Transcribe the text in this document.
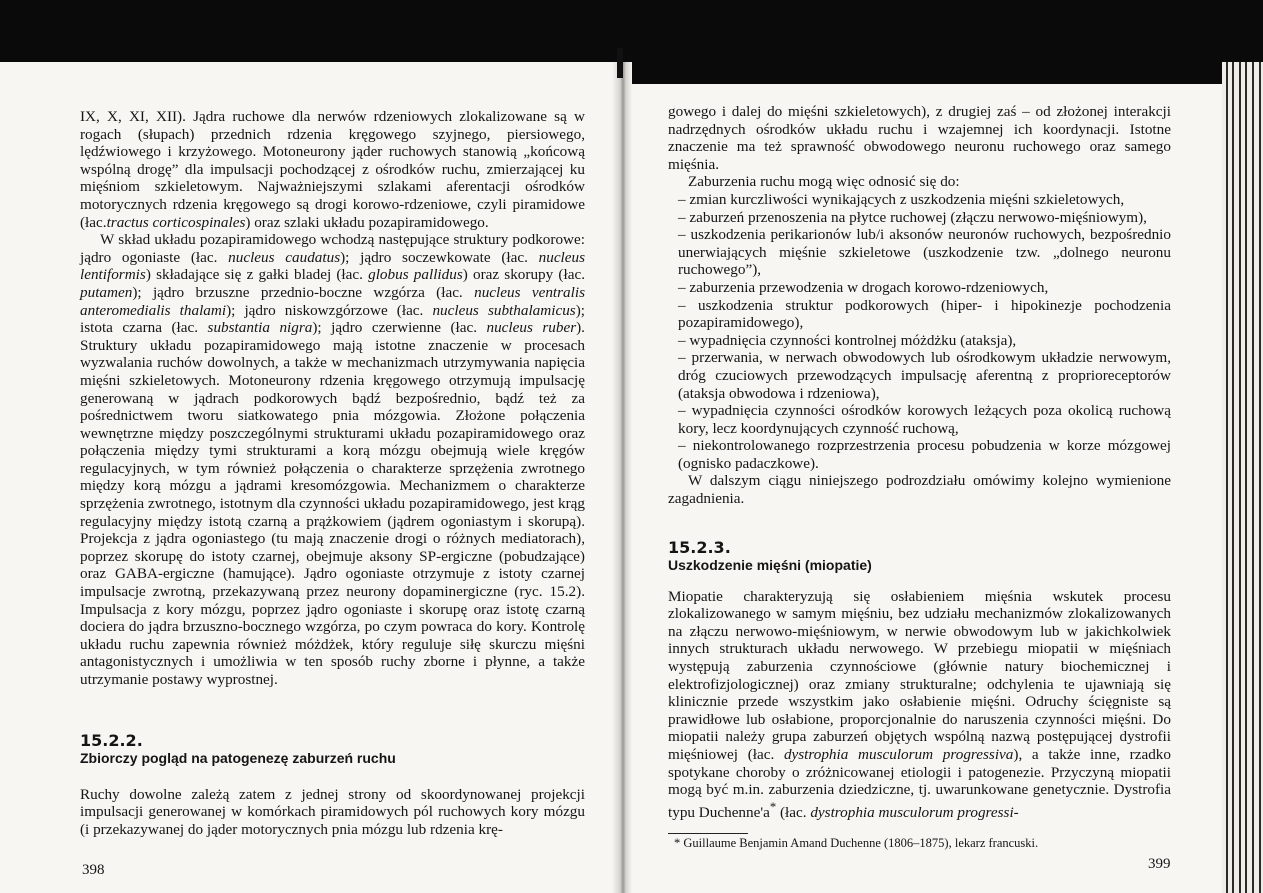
IX, X, XI, XII). Jądra ruchowe dla nerwów rdzeniowych zlokalizowane są w rogach (słupach) przednich rdzenia kręgowego szyjnego, piersiowego, lędźwiowego i krzyżowego. Motoneurony jąder ruchowych stanowią „końcową wspólną drogę” dla impulsacji pochodzącej z ośrodków ruchu, zmierzającej ku mięśniom szkieletowym. Najważniejszymi szlakami aferentacji ośrodków motorycznych rdzenia kręgowego są drogi korowo-rdzeniowe, czyli piramidowe (łac.tractus corticospinales) oraz szlaki układu pozapiramidowego.

W skład układu pozapiramidowego wchodzą następujące struktury podkorowe: jądro ogoniaste (łac. nucleus caudatus); jądro soczewkowate (łac. nucleus lentiformis) składające się z gałki bladej (łac. globus pallidus) oraz skorupy (łac. putamen); jądro brzuszne przednio-boczne wzgórza (łac. nucleus ventralis anteromedialis thalami); jądro niskowzgórzowe (łac. nucleus subthalamicus); istota czarna (łac. substantia nigra); jądro czerwienne (łac. nucleus ruber). Struktury układu pozapiramidowego mają istotne znaczenie w procesach wyzwalania ruchów dowolnych, a także w mechanizmach utrzymywania napięcia mięśni szkieletowych. Motoneurony rdzenia kręgowego otrzymują impulsację generowaną w jądrach podkorowych bądź bezpośrednio, bądź też za pośrednictwem tworu siatkowatego pnia mózgowia. Złożone połączenia wewnętrzne między poszczególnymi strukturami układu pozapiramidowego oraz połączenia między tymi strukturami a korą mózgu obejmują wiele kręgów regulacyjnych, w tym również połączenia o charakterze sprzężenia zwrotnego między korą mózgu a jądrami kresomózgowia. Mechanizmem o charakterze sprzężenia zwrotnego, istotnym dla czynności układu pozapiramidowego, jest krąg regulacyjny między istotą czarną a prążkowiem (jądrem ogoniastym i skorupą). Projekcja z jądra ogoniastego (tu mają znaczenie drogi o różnych mediatorach), poprzez skorupę do istoty czarnej, obejmuje aksony SP-ergiczne (pobudzające) oraz GABA-ergiczne (hamujące). Jądro ogoniaste otrzymuje z istoty czarnej impulsacje zwrotną, przekazywaną przez neurony dopaminergiczne (ryc. 15.2). Impulsacja z kory mózgu, poprzez jądro ogoniaste i skorupę oraz istotę czarną dociera do jądra brzuszno-bocznego wzgórza, po czym powraca do kory. Kontrolę układu ruchu zapewnia również móżdżek, który reguluje siłę skurczu mięśni antagonistycznych i umożliwia w ten sposób ruchy zborne i płynne, a także utrzymanie postawy wyprostnej.

15.2.2.

Zbiorczy pogląd na patogenezę zaburzeń ruchu

Ruchy dowolne zależą zatem z jednej strony od skoordynowanej projekcji impulsacji generowanej w komórkach piramidowych pól ruchowych kory mózgu (i przekazywanej do jąder motorycznych pnia mózgu lub rdzenia krę-

398

gowego i dalej do mięśni szkieletowych), z drugiej zaś – od złożonej interakcji nadrzędnych ośrodków układu ruchu i wzajemnej ich koordynacji. Istotne znaczenie ma też sprawność obwodowego neuronu ruchowego oraz samego mięśnia.

Zaburzenia ruchu mogą więc odnosić się do:

– zmian kurczliwości wynikających z uszkodzenia mięśni szkieletowych,

– zaburzeń przenoszenia na płytce ruchowej (złączu nerwowo-mięśniowym),

– uszkodzenia perikarionów lub/i aksonów neuronów ruchowych, bezpośrednio unerwiających mięśnie szkieletowe (uszkodzenie tzw. „dolnego neuronu ruchowego”),

– zaburzenia przewodzenia w drogach korowo-rdzeniowych,

– uszkodzenia struktur podkorowych (hiper- i hipokinezje pochodzenia pozapiramidowego),

– wypadnięcia czynności kontrolnej móżdżku (ataksja),

– przerwania, w nerwach obwodowych lub ośrodkowym układzie nerwowym, dróg czuciowych przewodzących impulsację aferentną z proprioreceptorów (ataksja obwodowa i rdzeniowa),

– wypadnięcia czynności ośrodków korowych leżących poza okolicą ruchową kory, lecz koordynujących czynność ruchową,

– niekontrolowanego rozprzestrzenia procesu pobudzenia w korze mózgowej (ognisko padaczkowe).

W dalszym ciągu niniejszego podrozdziału omówimy kolejno wymienione zagadnienia.

15.2.3.

Uszkodzenie mięśni (miopatie)

Miopatie charakteryzują się osłabieniem mięśnia wskutek procesu zlokalizowanego w samym mięśniu, bez udziału mechanizmów zlokalizowanych na złączu nerwowo-mięśniowym, w nerwie obwodowym lub w jakichkolwiek innych strukturach układu nerwowego. W przebiegu miopatii w mięśniach występują zaburzenia czynnościowe (głównie natury biochemicznej i elektrofizjologicznej) oraz zmiany strukturalne; odchylenia te ujawniają się klinicznie przede wszystkim jako osłabienie mięśni. Odruchy ścięgniste są prawidłowe lub osłabione, proporcjonalnie do naruszenia czynności mięśni. Do miopatii należy grupa zaburzeń objętych wspólną nazwą postępującej dystrofii mięśniowej (łac. dystrophia musculorum progressiva), a także inne, rzadko spotykane choroby o zróżnicowanej etiologii i patogenezie. Przyczyną miopatii mogą być m.in. zaburzenia dziedziczne, tj. uwarunkowane genetycznie. Dystrofia typu Duchenne'a* (łac. dystrophia musculorum progressi-

* Guillaume Benjamin Amand Duchenne (1806–1875), lekarz francuski.

399
